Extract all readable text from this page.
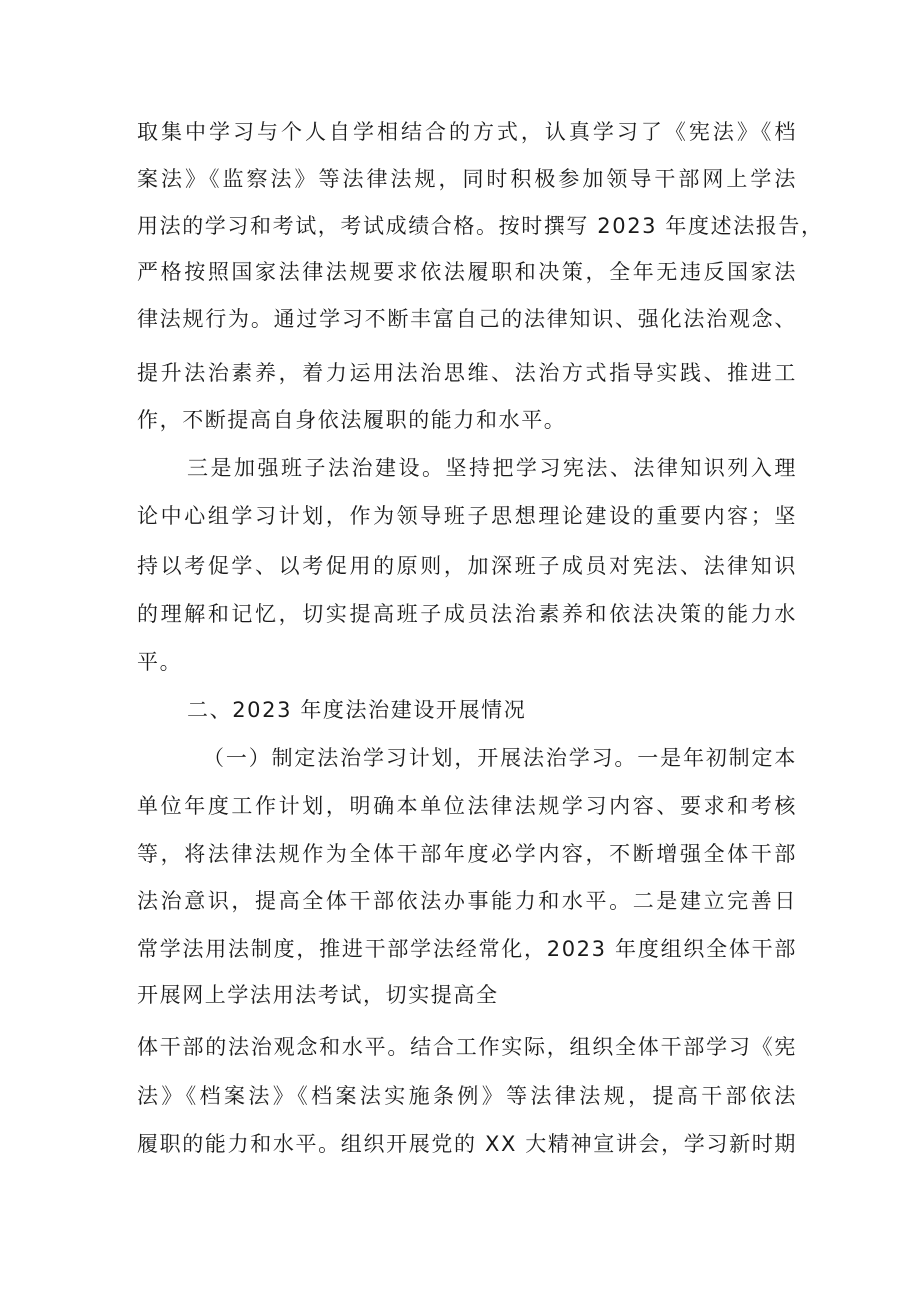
取集中学习与个人自学相结合的方式，认真学习了《宪法》《档
案法》《监察法》等法律法规，同时积极参加领导干部网上学法
用法的学习和考试，考试成绩合格。按时撰写 2023 年度述法报告，
严格按照国家法律法规要求依法履职和决策，全年无违反国家法
律法规行为。通过学习不断丰富自己的法律知识、强化法治观念、
提升法治素养，着力运用法治思维、法治方式指导实践、推进工
作，不断提高自身依法履职的能力和水平。
三是加强班子法治建设。坚持把学习宪法、法律知识列入理
论中心组学习计划，作为领导班子思想理论建设的重要内容；坚
持以考促学、以考促用的原则，加深班子成员对宪法、法律知识
的理解和记忆，切实提高班子成员法治素养和依法决策的能力水
平。
二、2023 年度法治建设开展情况
（一）制定法治学习计划，开展法治学习。一是年初制定本
单位年度工作计划，明确本单位法律法规学习内容、要求和考核
等，将法律法规作为全体干部年度必学内容，不断增强全体干部
法治意识，提高全体干部依法办事能力和水平。二是建立完善日
常学法用法制度，推进干部学法经常化，2023 年度组织全体干部
开展网上学法用法考试，切实提高全
体干部的法治观念和水平。结合工作实际，组织全体干部学习《宪
法》《档案法》《档案法实施条例》等法律法规，提高干部依法
履职的能力和水平。组织开展党的 XX 大精神宣讲会，学习新时期
